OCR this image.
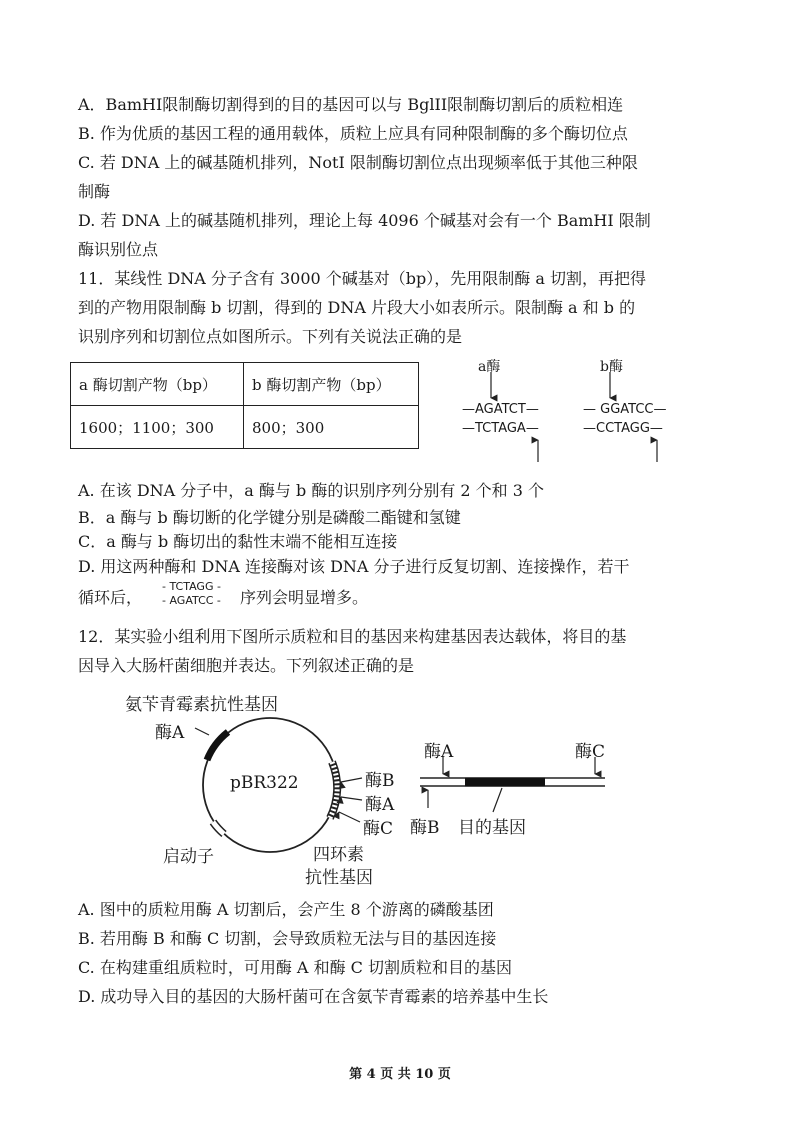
A．BamHI限制酶切割得到的目的基因可以与 BglII限制酶切割后的质粒相连
B. 作为优质的基因工程的通用载体，质粒上应具有同种限制酶的多个酶切位点
C. 若 DNA 上的碱基随机排列，NotI 限制酶切割位点出现频率低于其他三种限
制酶
D. 若 DNA 上的碱基随机排列，理论上每 4096 个碱基对会有一个 BamHI 限制
酶识别位点
11．某线性 DNA 分子含有 3000 个碱基对（bp），先用限制酶 a 切割，再把得
到的产物用限制酶 b 切割，得到的 DNA 片段大小如表所示。限制酶 a 和 b 的
识别序列和切割位点如图所示。下列有关说法正确的是
a 酶切割产物（bp）	b 酶切割产物（bp）
1600；1100；300	800；300
a酶	b酶
—AGATCT—
—TCTAGA—
— GGATCC—
—CCTAGG—
A. 在该 DNA 分子中，a 酶与 b 酶的识别序列分别有 2 个和 3 个
B．a 酶与 b 酶切断的化学键分别是磷酸二酯键和氢键
C．a 酶与 b 酶切出的黏性末端不能相互连接
D. 用这两种酶和 DNA 连接酶对该 DNA 分子进行反复切割、连接操作，若干
循环后，
- TCTAGG -
- AGATCC - 序列会明显增多。
12．某实验小组利用下图所示质粒和目的基因来构建基因表达载体，将目的基
因导入大肠杆菌细胞并表达。下列叙述正确的是
氨苄青霉素抗性基因
酶A
pBR322	酶B
酶A
酶C
启动子	四环素
抗性基因
酶A	酶C
酶B 目的基因
A. 图中的质粒用酶 A 切割后，会产生 8 个游离的磷酸基团
B. 若用酶 B 和酶 C 切割，会导致质粒无法与目的基因连接
C. 在构建重组质粒时，可用酶 A 和酶 C 切割质粒和目的基因
D. 成功导入目的基因的大肠杆菌可在含氨苄青霉素的培养基中生长
第 4 页 共 10 页
